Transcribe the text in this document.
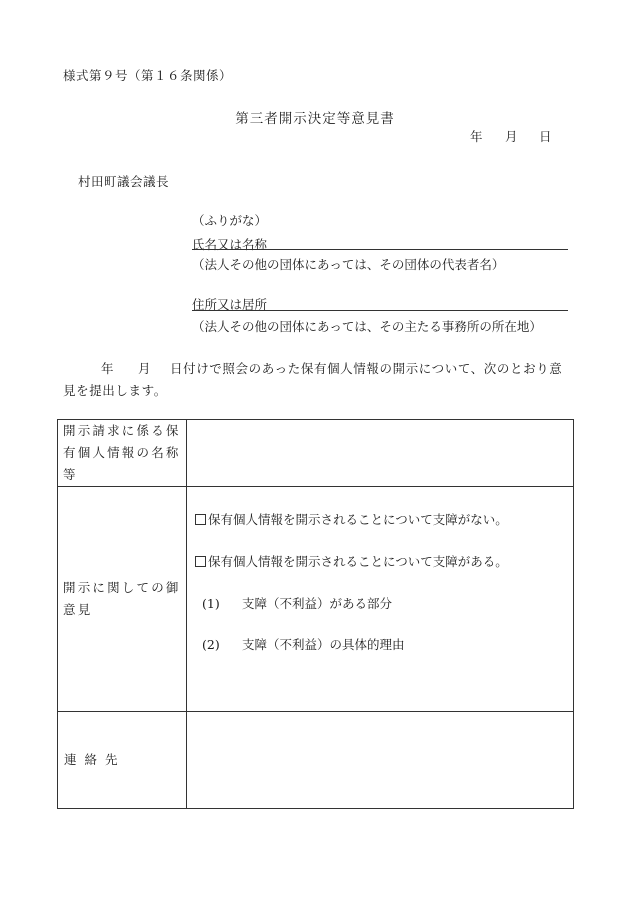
様式第９号（第１６条関係）
第三者開示決定等意見書
年 月 日
村田町議会議長
（ふりがな）
氏名又は名称
（法人その他の団体にあっては、その団体の代表者名）
住所又は居所
（法人その他の団体にあっては、その主たる事務所の所在地）
年 月 日付けで照会のあった保有個人情報の開示について、次のとおり意見を提出します。
開示請求に係る保有個人情報の名称等	
開示に関しての御意見	保有個人情報を開示されることについて支障がない。
保有個人情報を開示されることについて支障がある。
(1) 支障（不利益）がある部分
(2) 支障（不利益）の具体的理由

連絡先	
